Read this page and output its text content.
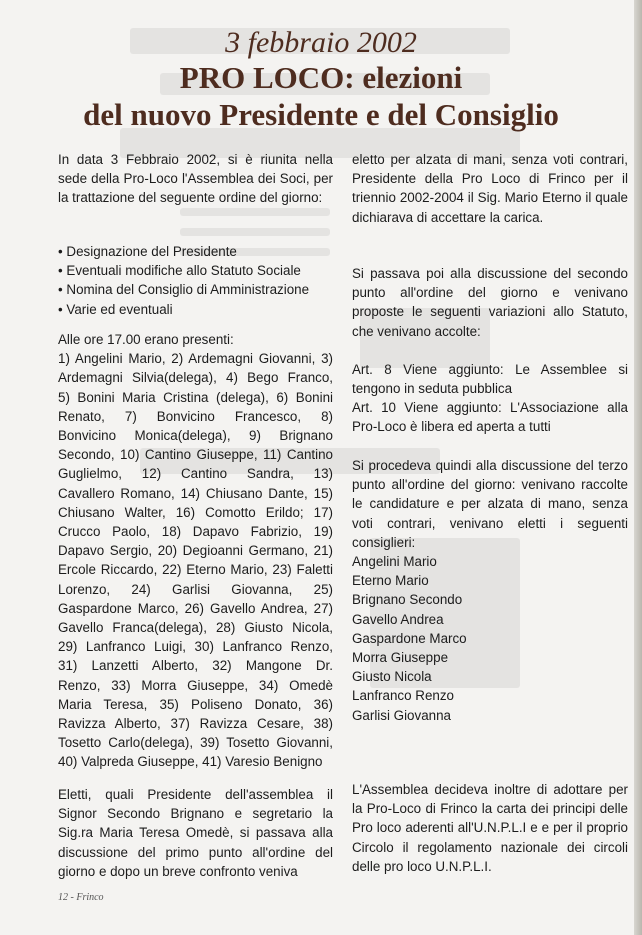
3 febbraio 2002
PRO LOCO: elezioni
del nuovo Presidente e del Consiglio

In data 3 Febbraio 2002, si è riunita nella sede della Pro-Loco l'Assemblea dei Soci, per la trattazione del seguente ordine del giorno:

• Designazione del Presidente
• Eventuali modifiche allo Statuto Sociale
• Nomina del Consiglio di Amministrazione
• Varie ed eventuali
Alle ore 17.00 erano presenti:
1) Angelini Mario, 2) Ardemagni Giovanni, 3)
Ardemagni Silvia(delega), 4) Bego Franco,
5) Bonini Maria Cristina (delega), 6) Bonini
Renato, 7) Bonvicino Francesco, 8)
Bonvicino Monica(delega), 9) Brignano
Secondo, 10) Cantino Giuseppe, 11) Cantino
Guglielmo, 12) Cantino Sandra, 13)
Cavallero Romano, 14) Chiusano Dante, 15)
Chiusano Walter, 16) Comotto Erildo; 17)
Crucco Paolo, 18) Dapavo Fabrizio, 19)
Dapavo Sergio, 20) Degioanni Germano, 21)
Ercole Riccardo, 22) Eterno Mario, 23) Faletti
Lorenzo, 24) Garlisi Giovanna, 25)
Gaspardone Marco, 26) Gavello Andrea, 27)
Gavello Franca(delega), 28) Giusto Nicola,
29) Lanfranco Luigi, 30) Lanfranco Renzo,
31) Lanzetti Alberto, 32) Mangone Dr.
Renzo, 33) Morra Giuseppe, 34) Omedè
Maria Teresa, 35) Poliseno Donato, 36)
Ravizza Alberto, 37) Ravizza Cesare, 38)
Tosetto Carlo(delega), 39) Tosetto Giovanni,
40) Valpreda Giuseppe, 41) Varesio Benigno

Eletti, quali Presidente dell'assemblea il Signor Secondo Brignano e segretario la Sig.ra Maria Teresa Omedè, si passava alla discussione del primo punto all'ordine del giorno e dopo un breve confronto veniva

eletto per alzata di mani, senza voti contrari, Presidente della Pro Loco di Frinco per il triennio 2002-2004 il Sig. Mario Eterno il quale dichiarava di accettare la carica.

Si passava poi alla discussione del secondo punto all'ordine del giorno e venivano proposte le seguenti variazioni allo Statuto, che venivano accolte:

Art. 8 Viene aggiunto: Le Assemblee si tengono in seduta pubblica

Art. 10 Viene aggiunto: L'Associazione alla Pro-Loco è libera ed aperta a tutti

Si procedeva quindi alla discussione del terzo punto all'ordine del giorno: venivano raccolte le candidature e per alzata di mano, senza voti contrari, venivano eletti i seguenti consiglieri:

Angelini Mario
Eterno Mario
Brignano Secondo
Gavello Andrea
Gaspardone Marco
Morra Giuseppe
Giusto Nicola
Lanfranco Renzo
Garlisi Giovanna

L'Assemblea decideva inoltre di adottare per la Pro-Loco di Frinco la carta dei principi delle Pro loco aderenti all'U.N.P.L.I e e per il proprio Circolo il regolamento nazionale dei circoli delle pro loco U.N.P.L.I.

12 - Frinco
